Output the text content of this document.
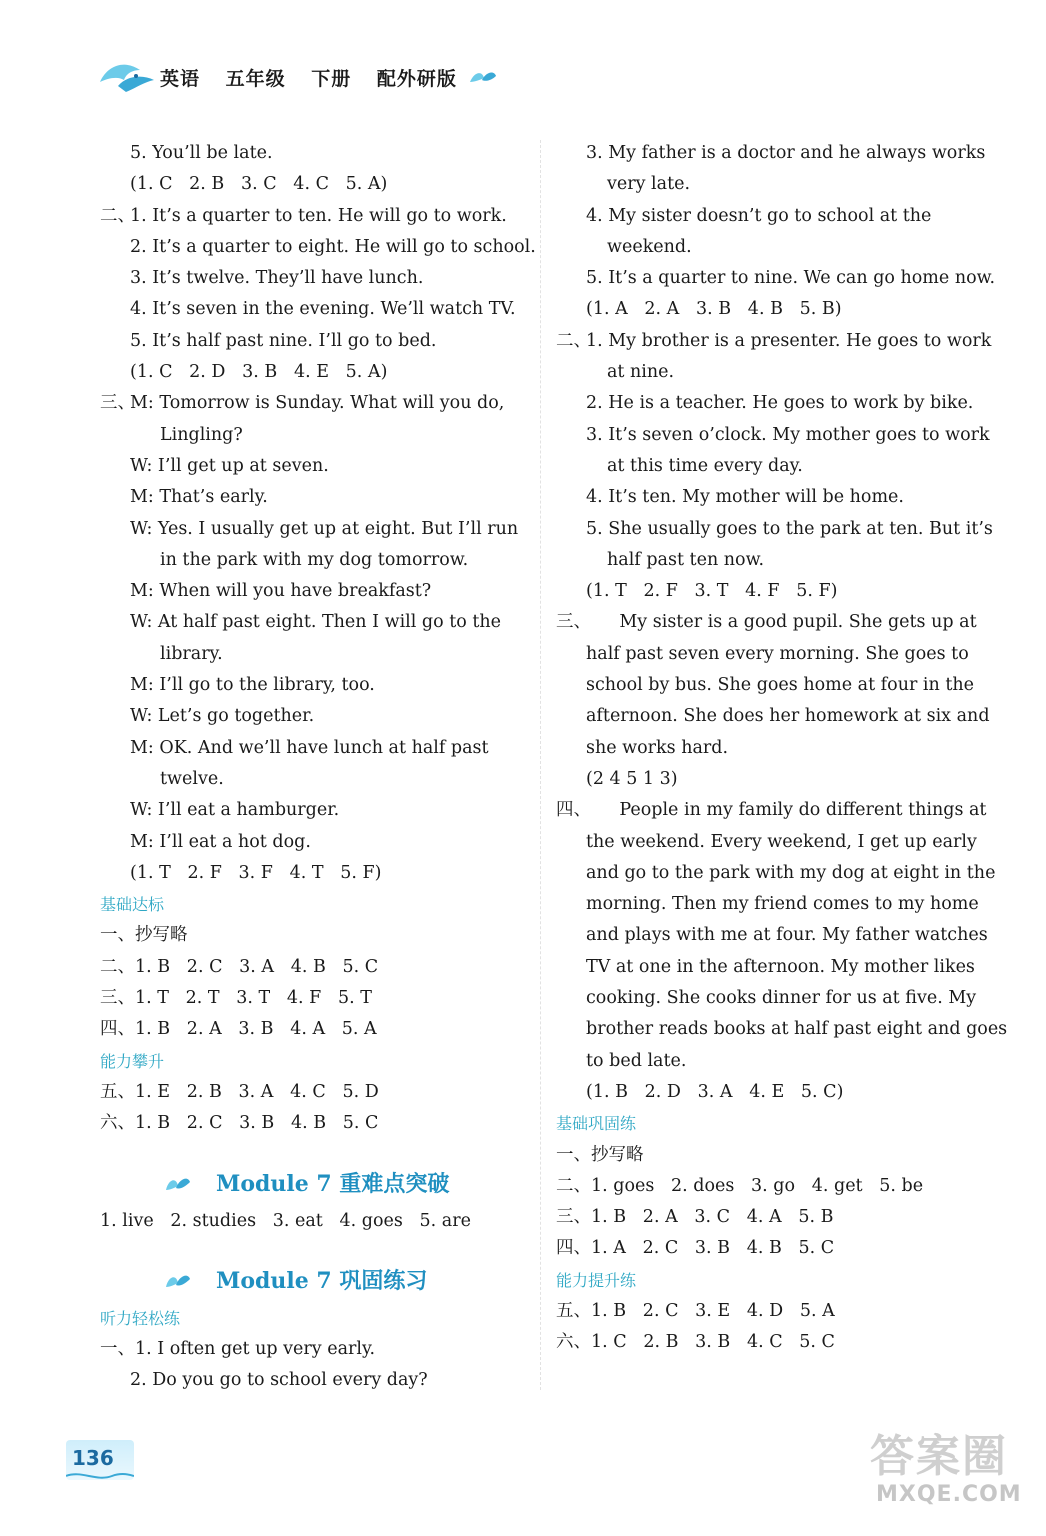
英语 五年级 下册 配外研版
5. You’ll be late.
(1. C   2. B   3. C   4. C   5. A)
二、
1. It’s a quarter to ten. He will go to work.
2. It’s a quarter to eight. He will go to school.
3. It’s twelve. They’ll have lunch.
4. It’s seven in the evening. We’ll watch TV.
5. It’s half past nine. I’ll go to bed.
(1. C   2. D   3. B   4. E   5. A)
三、
M: Tomorrow is Sunday. What will you do,
Lingling?
W: I’ll get up at seven.
M: That’s early.
W: Yes. I usually get up at eight. But I’ll run
in the park with my dog tomorrow.
M: When will you have breakfast?
W: At half past eight. Then I will go to the
library.
M: I’ll go to the library, too.
W: Let’s go together.
M: OK. And we’ll have lunch at half past
twelve.
W: I’ll eat a hamburger.
M: I’ll eat a hot dog.
(1. T   2. F   3. F   4. T   5. F)
基础达标
一、抄写略
二、1. B   2. C   3. A   4. B   5. C
三、1. T   2. T   3. T   4. F   5. T
四、1. B   2. A   3. B   4. A   5. A
能力攀升
五、1. E   2. B   3. A   4. C   5. D
六、1. B   2. C   3. B   4. B   5. C
Module 7 重难点突破
1. live   2. studies   3. eat   4. goes   5. are
Module 7 巩固练习
听力轻松练
一、1. I often get up very early.
2. Do you go to school every day?
3. My father is a doctor and he always works
very late.
4. My sister doesn’t go to school at the
weekend.
5. It’s a quarter to nine. We can go home now.
(1. A   2. A   3. B   4. B   5. B)
二、
1. My brother is a presenter. He goes to work
at nine.
2. He is a teacher. He goes to work by bike.
3. It’s seven o’clock. My mother goes to work
at this time every day.
4. It’s ten. My mother will be home.
5. She usually goes to the park at ten. But it’s
half past ten now.
(1. T   2. F   3. T   4. F   5. F)
三、
My sister is a good pupil. She gets up at
half past seven every morning. She goes to
school by bus. She goes home at four in the
afternoon. She does her homework at six and
she works hard.
(2 4 5 1 3)
四、
People in my family do different things at
the weekend. Every weekend, I get up early
and go to the park with my dog at eight in the
morning. Then my friend comes to my home
and plays with me at four. My father watches
TV at one in the afternoon. My mother likes
cooking. She cooks dinner for us at five. My
brother reads books at half past eight and goes
to bed late.
(1. B   2. D   3. A   4. E   5. C)
基础巩固练
一、抄写略
二、1. goes   2. does   3. go   4. get   5. be
三、1. B   2. A   3. C   4. A   5. B
四、1. A   2. C   3. B   4. B   5. C
能力提升练
五、1. B   2. C   3. E   4. D   5. A
六、1. C   2. B   3. B   4. C   5. C
136	答案圈
MXQE.COM
